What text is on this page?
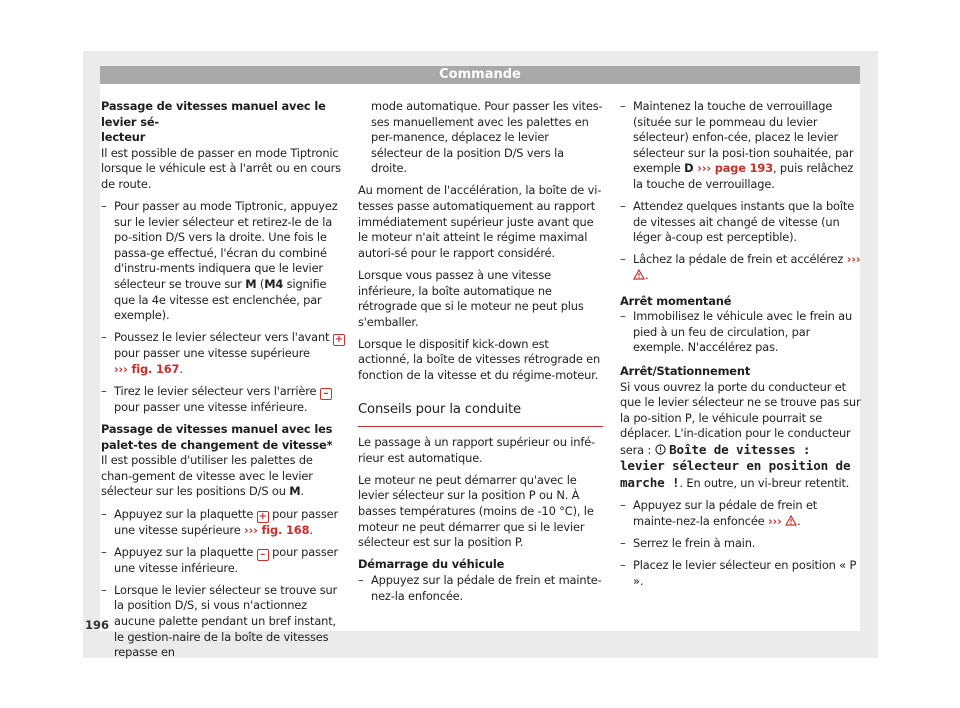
Commande

Passage de vitesses manuel avec le levier sé-
lecteur

Il est possible de passer en mode Tiptronic lorsque le véhicule est à l'arrêt ou en cours de route.

– Pour passer au mode Tiptronic, appuyez sur le levier sélecteur et retirez-le de la po-sition D/S vers la droite. Une fois le passa-ge effectué, l'écran du combiné d'instru-ments indiquera que le levier sélecteur se trouve sur M (M4 signifie que la 4e vitesse est enclenchée, par exemple).
– Poussez le levier sélecteur vers l'avant +
pour passer une vitesse supérieure
››› fig. 167.
– Tirez le levier sélecteur vers l'arrière –
pour passer une vitesse inférieure.

Passage de vitesses manuel avec les palet-tes de changement de vitesse*

Il est possible d'utiliser les palettes de chan-gement de vitesse avec le levier sélecteur sur les positions D/S ou M.

– Appuyez sur la plaquette + pour passer une vitesse supérieure ››› fig. 168.
– Appuyez sur la plaquette – pour passer une vitesse inférieure.
– Lorsque le levier sélecteur se trouve sur la position D/S, si vous n'actionnez aucune palette pendant un bref instant, le gestion-naire de la boîte de vitesses repasse en

mode automatique. Pour passer les vites-ses manuellement avec les palettes en per-manence, déplacez le levier sélecteur de la position D/S vers la droite.

Au moment de l'accélération, la boîte de vi-tesses passe automatiquement au rapport immédiatement supérieur juste avant que le moteur n'ait atteint le régime maximal autori-sé pour le rapport considéré.

Lorsque vous passez à une vitesse inférieure, la boîte automatique ne rétrograde que si le moteur ne peut plus s'emballer.

Lorsque le dispositif kick-down est actionné, la boîte de vitesses rétrograde en fonction de la vitesse et du régime-moteur.

Conseils pour la conduite

Le passage à un rapport supérieur ou infé-rieur est automatique.

Le moteur ne peut démarrer qu'avec le levier sélecteur sur la position P ou N. À basses températures (moins de -10 °C), le moteur ne peut démarrer que si le levier sélecteur est sur la position P.

Démarrage du véhicule

– Appuyez sur la pédale de frein et mainte-nez-la enfoncée.
– Maintenez la touche de verrouillage (située sur le pommeau du levier sélecteur) enfon-cée, placez le levier sélecteur sur la posi-tion souhaitée, par exemple D ››› page 193, puis relâchez la touche de verrouillage.
– Attendez quelques instants que la boîte de vitesses ait changé de vitesse (un léger à-coup est perceptible).
– Lâchez la pédale de frein et accélérez ››› .

Arrêt momentané

– Immobilisez le véhicule avec le frein au pied à un feu de circulation, par exemple. N'accélérez pas.

Arrêt/Stationnement

Si vous ouvrez la porte du conducteur et que le levier sélecteur ne se trouve pas sur la po-sition P, le véhicule pourrait se déplacer. L'in-dication pour le conducteur sera :  Boîte de vitesses : levier sélecteur en position de marche !. En outre, un vi-breur retentit.

– Appuyez sur la pédale de frein et mainte-nez-la enfoncée ››› .
– Serrez le frein à main.
– Placez le levier sélecteur en position « P ».
196
